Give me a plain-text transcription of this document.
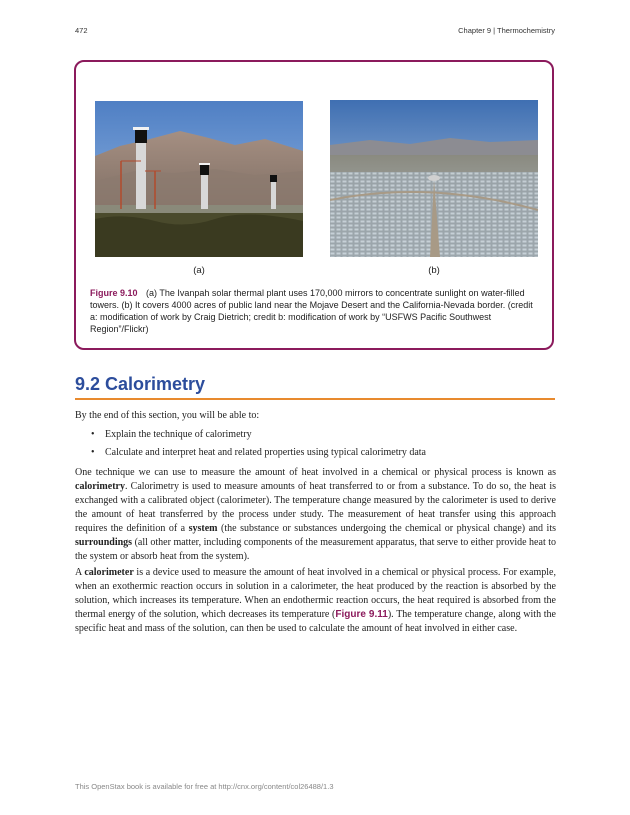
472	Chapter 9 | Thermochemistry
(a)	(b)
Figure 9.10 (a) The Ivanpah solar thermal plant uses 170,000 mirrors to concentrate sunlight on water-filled towers. (b) It covers 4000 acres of public land near the Mojave Desert and the California-Nevada border. (credit a: modification of work by Craig Dietrich; credit b: modification of work by “USFWS Pacific Southwest Region”/Flickr)
9.2 Calorimetry
By the end of this section, you will be able to:
• Explain the technique of calorimetry
• Calculate and interpret heat and related properties using typical calorimetry data

One technique we can use to measure the amount of heat involved in a chemical or physical process is known as calorimetry. Calorimetry is used to measure amounts of heat transferred to or from a substance. To do so, the heat is exchanged with a calibrated object (calorimeter). The temperature change measured by the calorimeter is used to derive the amount of heat transferred by the process under study. The measurement of heat transfer using this approach requires the definition of a system (the substance or substances undergoing the chemical or physical change) and its surroundings (all other matter, including components of the measurement apparatus, that serve to either provide heat to the system or absorb heat from the system).

A calorimeter is a device used to measure the amount of heat involved in a chemical or physical process. For example, when an exothermic reaction occurs in solution in a calorimeter, the heat produced by the reaction is absorbed by the solution, which increases its temperature. When an endothermic reaction occurs, the heat required is absorbed from the thermal energy of the solution, which decreases its temperature (Figure 9.11). The temperature change, along with the specific heat and mass of the solution, can then be used to calculate the amount of heat involved in either case.

This OpenStax book is available for free at http://cnx.org/content/col26488/1.3
